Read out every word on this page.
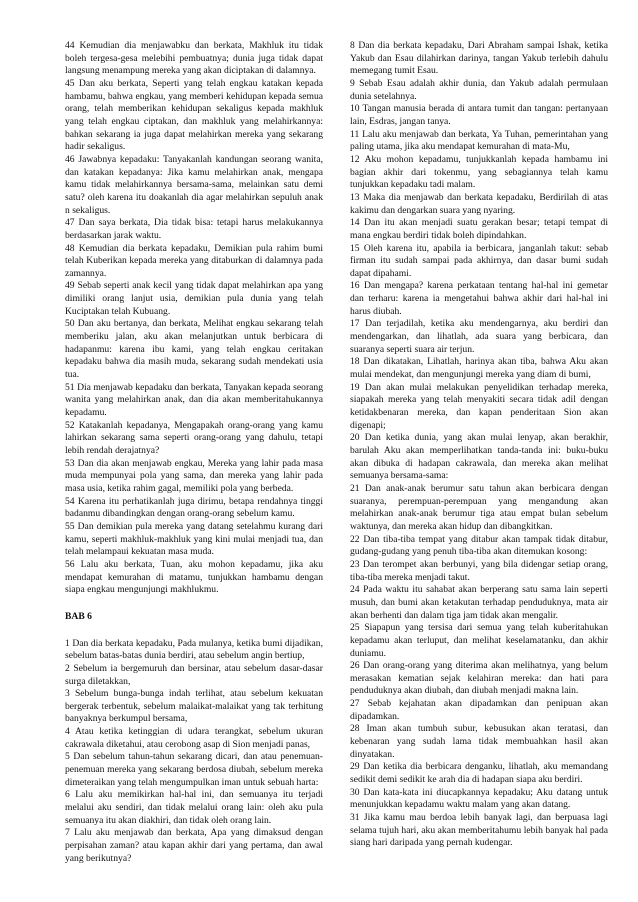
44 Kemudian dia menjawabku dan berkata, Makhluk itu tidak boleh tergesa-gesa melebihi pembuatnya; dunia juga tidak dapat langsung menampung mereka yang akan diciptakan di dalamnya.

45 Dan aku berkata, Seperti yang telah engkau katakan kepada hambamu, bahwa engkau, yang memberi kehidupan kepada semua orang, telah memberikan kehidupan sekaligus kepada makhluk yang telah engkau ciptakan, dan makhluk yang melahirkannya: bahkan sekarang ia juga dapat melahirkan mereka yang sekarang hadir sekaligus.

46 Jawabnya kepadaku: Tanyakanlah kandungan seorang wanita, dan katakan kepadanya: Jika kamu melahirkan anak, mengapa kamu tidak melahirkannya bersama-sama, melainkan satu demi satu? oleh karena itu doakanlah dia agar melahirkan sepuluh anak n sekaligus.

47 Dan saya berkata, Dia tidak bisa: tetapi harus melakukannya berdasarkan jarak waktu.

48 Kemudian dia berkata kepadaku, Demikian pula rahim bumi telah Kuberikan kepada mereka yang ditaburkan di dalamnya pada zamannya.

49 Sebab seperti anak kecil yang tidak dapat melahirkan apa yang dimiliki orang lanjut usia, demikian pula dunia yang telah Kuciptakan telah Kubuang.

50 Dan aku bertanya, dan berkata, Melihat engkau sekarang telah memberiku jalan, aku akan melanjutkan untuk berbicara di hadapanmu: karena ibu kami, yang telah engkau ceritakan kepadaku bahwa dia masih muda, sekarang sudah mendekati usia tua.

51 Dia menjawab kepadaku dan berkata, Tanyakan kepada seorang wanita yang melahirkan anak, dan dia akan memberitahukannya kepadamu.

52 Katakanlah kepadanya, Mengapakah orang-orang yang kamu lahirkan sekarang sama seperti orang-orang yang dahulu, tetapi lebih rendah derajatnya?

53 Dan dia akan menjawab engkau, Mereka yang lahir pada masa muda mempunyai pola yang sama, dan mereka yang lahir pada masa usia, ketika rahim gagal, memiliki pola yang berbeda.

54 Karena itu perhatikanlah juga dirimu, betapa rendahnya tinggi badanmu dibandingkan dengan orang-orang sebelum kamu.

55 Dan demikian pula mereka yang datang setelahmu kurang dari kamu, seperti makhluk-makhluk yang kini mulai menjadi tua, dan telah melampaui kekuatan masa muda.

56 Lalu aku berkata, Tuan, aku mohon kepadamu, jika aku mendapat kemurahan di matamu, tunjukkan hambamu dengan siapa engkau mengunjungi makhlukmu.

BAB 6

1 Dan dia berkata kepadaku, Pada mulanya, ketika bumi dijadikan, sebelum batas-batas dunia berdiri, atau sebelum angin bertiup,

2 Sebelum ia bergemuruh dan bersinar, atau sebelum dasar-dasar surga diletakkan,

3 Sebelum bunga-bunga indah terlihat, atau sebelum kekuatan bergerak terbentuk, sebelum malaikat-malaikat yang tak terhitung banyaknya berkumpul bersama,

4 Atau ketika ketinggian di udara terangkat, sebelum ukuran cakrawala diketahui, atau cerobong asap di Sion menjadi panas,

5 Dan sebelum tahun-tahun sekarang dicari, dan atau penemuan-penemuan mereka yang sekarang berdosa diubah, sebelum mereka dimeteraikan yang telah mengumpulkan iman untuk sebuah harta:

6 Lalu aku memikirkan hal-hal ini, dan semuanya itu terjadi melalui aku sendiri, dan tidak melalui orang lain: oleh aku pula semuanya itu akan diakhiri, dan tidak oleh orang lain.

7 Lalu aku menjawab dan berkata, Apa yang dimaksud dengan perpisahan zaman? atau kapan akhir dari yang pertama, dan awal yang berikutnya?

8 Dan dia berkata kepadaku, Dari Abraham sampai Ishak, ketika Yakub dan Esau dilahirkan darinya, tangan Yakub terlebih dahulu memegang tumit Esau.

9 Sebab Esau adalah akhir dunia, dan Yakub adalah permulaan dunia setelahnya.

10 Tangan manusia berada di antara tumit dan tangan: pertanyaan lain, Esdras, jangan tanya.

11 Lalu aku menjawab dan berkata, Ya Tuhan, pemerintahan yang paling utama, jika aku mendapat kemurahan di mata-Mu,

12 Aku mohon kepadamu, tunjukkanlah kepada hambamu ini bagian akhir dari tokenmu, yang sebagiannya telah kamu tunjukkan kepadaku tadi malam.

13 Maka dia menjawab dan berkata kepadaku, Berdirilah di atas kakimu dan dengarkan suara yang nyaring.

14 Dan itu akan menjadi suatu gerakan besar; tetapi tempat di mana engkau berdiri tidak boleh dipindahkan.

15 Oleh karena itu, apabila ia berbicara, janganlah takut: sebab firman itu sudah sampai pada akhirnya, dan dasar bumi sudah dapat dipahami.

16 Dan mengapa? karena perkataan tentang hal-hal ini gemetar dan terharu: karena ia mengetahui bahwa akhir dari hal-hal ini harus diubah.

17 Dan terjadilah, ketika aku mendengarnya, aku berdiri dan mendengarkan, dan lihatlah, ada suara yang berbicara, dan suaranya seperti suara air terjun.

18 Dan dikatakan, Lihatlah, harinya akan tiba, bahwa Aku akan mulai mendekat, dan mengunjungi mereka yang diam di bumi,

19 Dan akan mulai melakukan penyelidikan terhadap mereka, siapakah mereka yang telah menyakiti secara tidak adil dengan ketidakbenaran mereka, dan kapan penderitaan Sion akan digenapi;

20 Dan ketika dunia, yang akan mulai lenyap, akan berakhir, barulah Aku akan memperlihatkan tanda-tanda ini: buku-buku akan dibuka di hadapan cakrawala, dan mereka akan melihat semuanya bersama-sama:

21 Dan anak-anak berumur satu tahun akan berbicara dengan suaranya, perempuan-perempuan yang mengandung akan melahirkan anak-anak berumur tiga atau empat bulan sebelum waktunya, dan mereka akan hidup dan dibangkitkan.

22 Dan tiba-tiba tempat yang ditabur akan tampak tidak ditabur, gudang-gudang yang penuh tiba-tiba akan ditemukan kosong:

23 Dan terompet akan berbunyi, yang bila didengar setiap orang, tiba-tiba mereka menjadi takut.

24 Pada waktu itu sahabat akan berperang satu sama lain seperti musuh, dan bumi akan ketakutan terhadap penduduknya, mata air akan berhenti dan dalam tiga jam tidak akan mengalir.

25 Siapapun yang tersisa dari semua yang telah kuberitahukan kepadamu akan terluput, dan melihat keselamatanku, dan akhir duniamu.

26 Dan orang-orang yang diterima akan melihatnya, yang belum merasakan kematian sejak kelahiran mereka: dan hati para penduduknya akan diubah, dan diubah menjadi makna lain.

27 Sebab kejahatan akan dipadamkan dan penipuan akan dipadamkan.

28 Iman akan tumbuh subur, kebusukan akan teratasi, dan kebenaran yang sudah lama tidak membuahkan hasil akan dinyatakan.

29 Dan ketika dia berbicara denganku, lihatlah, aku memandang sedikit demi sedikit ke arah dia di hadapan siapa aku berdiri.

30 Dan kata-kata ini diucapkannya kepadaku; Aku datang untuk menunjukkan kepadamu waktu malam yang akan datang.

31 Jika kamu mau berdoa lebih banyak lagi, dan berpuasa lagi selama tujuh hari, aku akan memberitahumu lebih banyak hal pada siang hari daripada yang pernah kudengar.
